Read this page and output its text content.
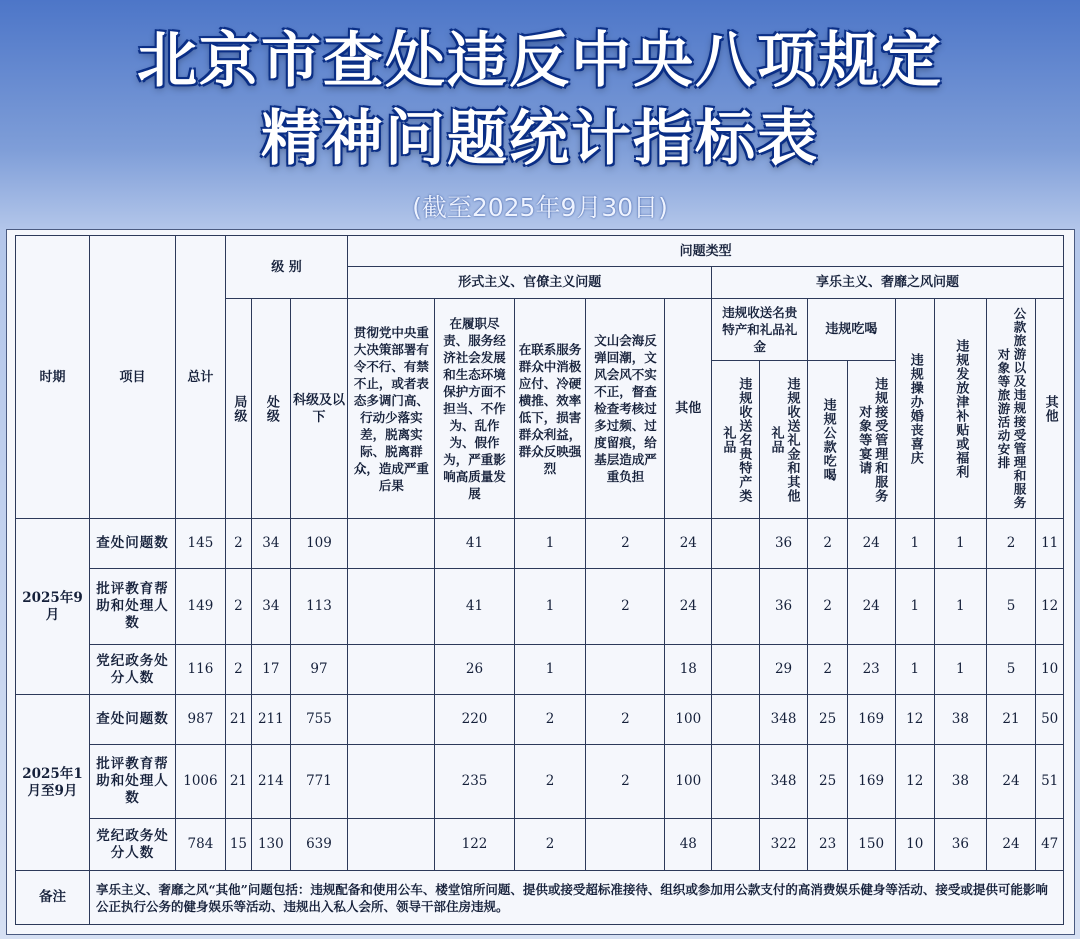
北京市查处违反中央八项规定
精神问题统计指标表
(截至2025年9月30日)
时期	项目	总计	级 别			问题类型												
						形式主义、官僚主义问题					享乐主义、奢靡之风问题							

			局级	处级	科级及以下	贯彻党中央重大决策部署有令不行、有禁不止，或者表态多调门高、行动少落实差，脱离实际、脱离群众，造成严重后果	在履职尽责、服务经济社会发展和生态环境保护方面不担当、不作为、乱作为、假作为，严重影响高质量发展	在联系服务群众中消极应付、冷硬横推、效率低下，损害群众利益，群众反映强烈	文山会海反弹回潮，文风会风不实不正，督查检查考核过多过频、过度留痕，给基层造成严重负担	其他	违规收送名贵特产和礼品礼金		违规吃喝		违规操办婚丧喜庆	违规发放津补贴或福利	公款旅游以及违规接受管理和服务对象等旅游活动安排	其他

											违规收送名贵特产类礼品	违规收送礼金和其他礼品	违规公款吃喝	违规接受管理和服务对象等宴请				

2025年9月	查处问题数	145	2	34	109		41	1	2	24		36	2	24	1	1	2	11
	批评教育帮助和处理人数	149	2	34	113		41	1	2	24		36	2	24	1	1	5	12
	党纪政务处分人数	116	2	17	97		26	1		18		29	2	23	1	1	5	10
2025年1月至9月	查处问题数	987	21	211	755		220	2	2	100		348	25	169	12	38	21	50
	批评教育帮助和处理人数	1006	21	214	771		235	2	2	100		348	25	169	12	38	24	51
	党纪政务处分人数	784	15	130	639		122	2		48		322	23	150	10	36	24	47
备注	享乐主义、奢靡之风“其他”问题包括：违规配备和使用公车、楼堂馆所问题、提供或接受超标准接待、组织或参加用公款支付的高消费娱乐健身等活动、接受或提供可能影响公正执行公务的健身娱乐等活动、违规出入私人会所、领导干部住房违规。																	
